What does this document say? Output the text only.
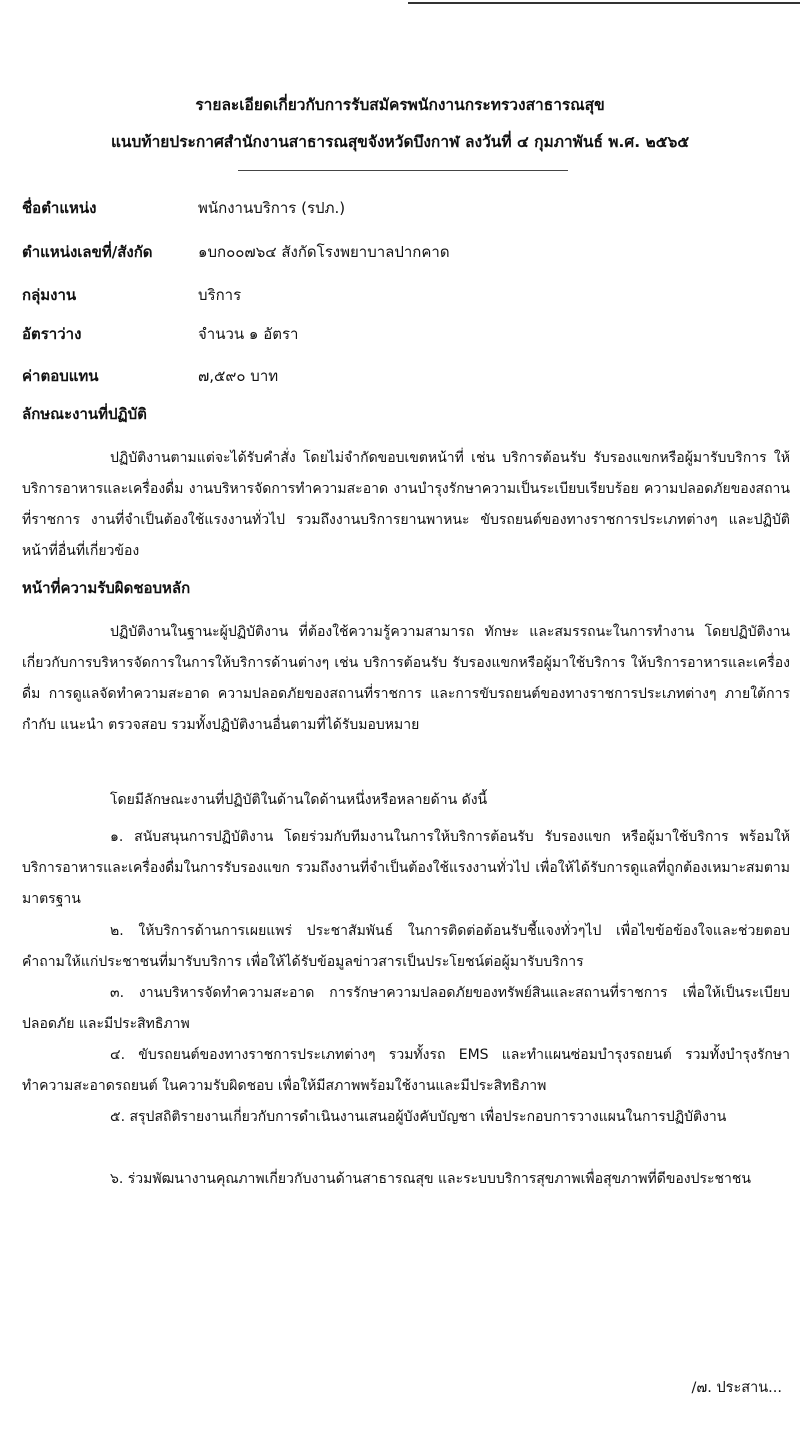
รายละเอียดเกี่ยวกับการรับสมัครพนักงานกระทรวงสาธารณสุข
แนบท้ายประกาศสำนักงานสาธารณสุขจังหวัดบึงกาฬ ลงวันที่ ๔ กุมภาพันธ์ พ.ศ. ๒๕๖๕
ชื่อตำแหน่ง	พนักงานบริการ (รปภ.)
ตำแหน่งเลขที่/สังกัด	๑บก๐๐๗๖๔ สังกัดโรงพยาบาลปากคาด
กลุ่มงาน	บริการ
อัตราว่าง	จำนวน ๑ อัตรา
ค่าตอบแทน	๗,๕๙๐ บาท
ลักษณะงานที่ปฏิบัติ
ปฏิบัติงานตามแต่จะได้รับคำสั่ง โดยไม่จำกัดขอบเขตหน้าที่ เช่น บริการต้อนรับ รับรองแขกหรือผู้มารับบริการ ให้บริการอาหารและเครื่องดื่ม งานบริหารจัดการทำความสะอาด งานบำรุงรักษาความเป็นระเบียบเรียบร้อย ความปลอดภัยของสถานที่ราชการ งานที่จำเป็นต้องใช้แรงงานทั่วไป รวมถึงงานบริการยานพาหนะ ขับรถยนต์ของทางราชการประเภทต่างๆ และปฏิบัติหน้าที่อื่นที่เกี่ยวข้อง
หน้าที่ความรับผิดชอบหลัก
ปฏิบัติงานในฐานะผู้ปฏิบัติงาน ที่ต้องใช้ความรู้ความสามารถ ทักษะ และสมรรถนะในการทำงาน โดยปฏิบัติงานเกี่ยวกับการบริหารจัดการในการให้บริการด้านต่างๆ เช่น บริการต้อนรับ รับรองแขกหรือผู้มาใช้บริการ ให้บริการอาหารและเครื่องดื่ม การดูแลจัดทำความสะอาด ความปลอดภัยของสถานที่ราชการ และการขับรถยนต์ของทางราชการประเภทต่างๆ ภายใต้การกำกับ แนะนำ ตรวจสอบ รวมทั้งปฏิบัติงานอื่นตามที่ได้รับมอบหมาย
โดยมีลักษณะงานที่ปฏิบัติในด้านใดด้านหนึ่งหรือหลายด้าน ดังนี้
๑. สนับสนุนการปฏิบัติงาน โดยร่วมกับทีมงานในการให้บริการต้อนรับ รับรองแขก หรือผู้มาใช้บริการ พร้อมให้บริการอาหารและเครื่องดื่มในการรับรองแขก รวมถึงงานที่จำเป็นต้องใช้แรงงานทั่วไป เพื่อให้ได้รับการดูแลที่ถูกต้องเหมาะสมตามมาตรฐาน
๒. ให้บริการด้านการเผยแพร่ ประชาสัมพันธ์ ในการติดต่อต้อนรับชี้แจงทั่วๆไป เพื่อไขข้อข้องใจและช่วยตอบคำถามให้แก่ประชาชนที่มารับบริการ เพื่อให้ได้รับข้อมูลข่าวสารเป็นประโยชน์ต่อผู้มารับบริการ
๓. งานบริหารจัดทำความสะอาด การรักษาความปลอดภัยของทรัพย์สินและสถานที่ราชการ เพื่อให้เป็นระเบียบปลอดภัย และมีประสิทธิภาพ
๔. ขับรถยนต์ของทางราชการประเภทต่างๆ รวมทั้งรถ EMS และทำแผนซ่อมบำรุงรถยนต์ รวมทั้งบำรุงรักษาทำความสะอาดรถยนต์ ในความรับผิดชอบ เพื่อให้มีสภาพพร้อมใช้งานและมีประสิทธิภาพ
๕. สรุปสถิติรายงานเกี่ยวกับการดำเนินงานเสนอผู้บังคับบัญชา เพื่อประกอบการวางแผนในการปฏิบัติงาน
๖. ร่วมพัฒนางานคุณภาพเกี่ยวกับงานด้านสาธารณสุข และระบบบริการสุขภาพเพื่อสุขภาพที่ดีของประชาชน
/๗. ประสาน...
